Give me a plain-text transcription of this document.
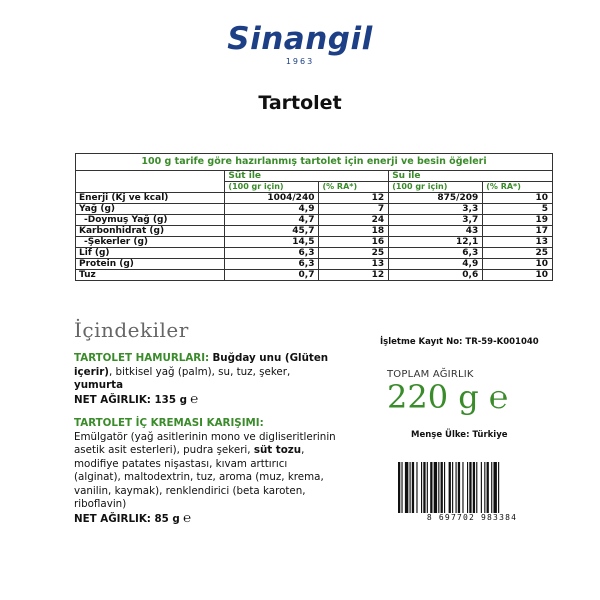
Sinangil
1963
Tartolet
100 g tarife göre hazırlanmış tartolet için enerji ve besin öğeleri				
	Süt ile		Su ile	
	(100 gr için)	(% RA*)	(100 gr için)	(% RA*)
Enerji (Kj ve kcal)	1004/240	12	875/209	10
Yağ (g)	4,9	7	3,3	5
-Doymuş Yağ (g)	4,7	24	3,7	19
Karbonhidrat (g)	45,7	18	43	17
-Şekerler (g)	14,5	16	12,1	13
Lif (g)	6,3	25	6,3	25
Protein (g)	6,3	13	4,9	10
Tuz	0,7	12	0,6	10
İçindekiler
TARTOLET HAMURLARI: Buğday unu (Glüten içerir), bitkisel yağ (palm), su, tuz, şeker, yumurta
NET AĞIRLIK: 135 g ℮
TARTOLET İÇ KREMASI KARIŞIMI:
Emülgatör (yağ asitlerinin mono ve digliseritlerinin asetik asit esterleri), pudra şekeri, süt tozu, modifiye patates nişastası, kıvam arttırıcı (alginat), maltodextrin, tuz, aroma (muz, krema, vanilin, kaymak), renklendirici (beta karoten, riboflavin)
NET AĞIRLIK: 85 g ℮
İşletme Kayıt No: TR-59-K001040
TOPLAM AĞIRLIK
220 g ℮
Menşe Ülke: Türkiye
8 697702 983384
